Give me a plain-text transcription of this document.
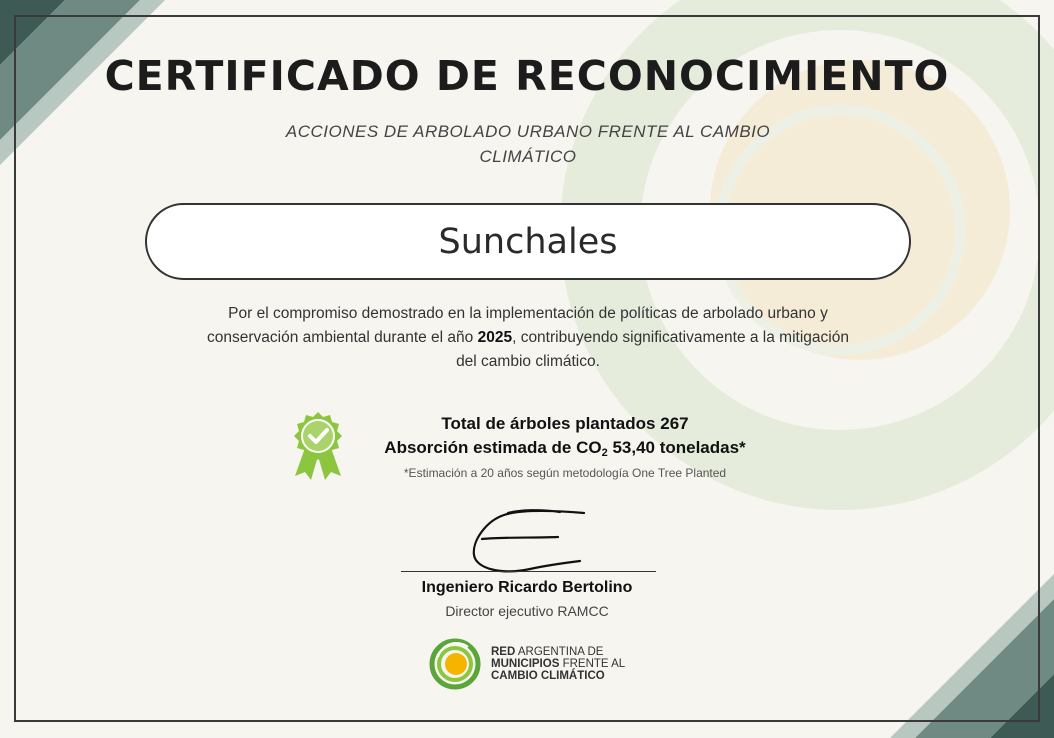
CERTIFICADO DE RECONOCIMIENTO

ACCIONES DE ARBOLADO URBANO FRENTE AL CAMBIO CLIMÁTICO

Sunchales

Por el compromiso demostrado en la implementación de políticas de arbolado urbano y conservación ambiental durante el año 2025, contribuyendo significativamente a la mitigación del cambio climático.

Total de árboles plantados 267
Absorción estimada de $CO_2$ 53,40 toneladas*
*Estimación a 20 años según metodología One Tree Planted
Ingeniero Ricardo Bertolino
Director ejecutivo RAMCC
RED ARGENTINA DE
MUNICIPIOS FRENTE AL
CAMBIO CLIMÁTICO
